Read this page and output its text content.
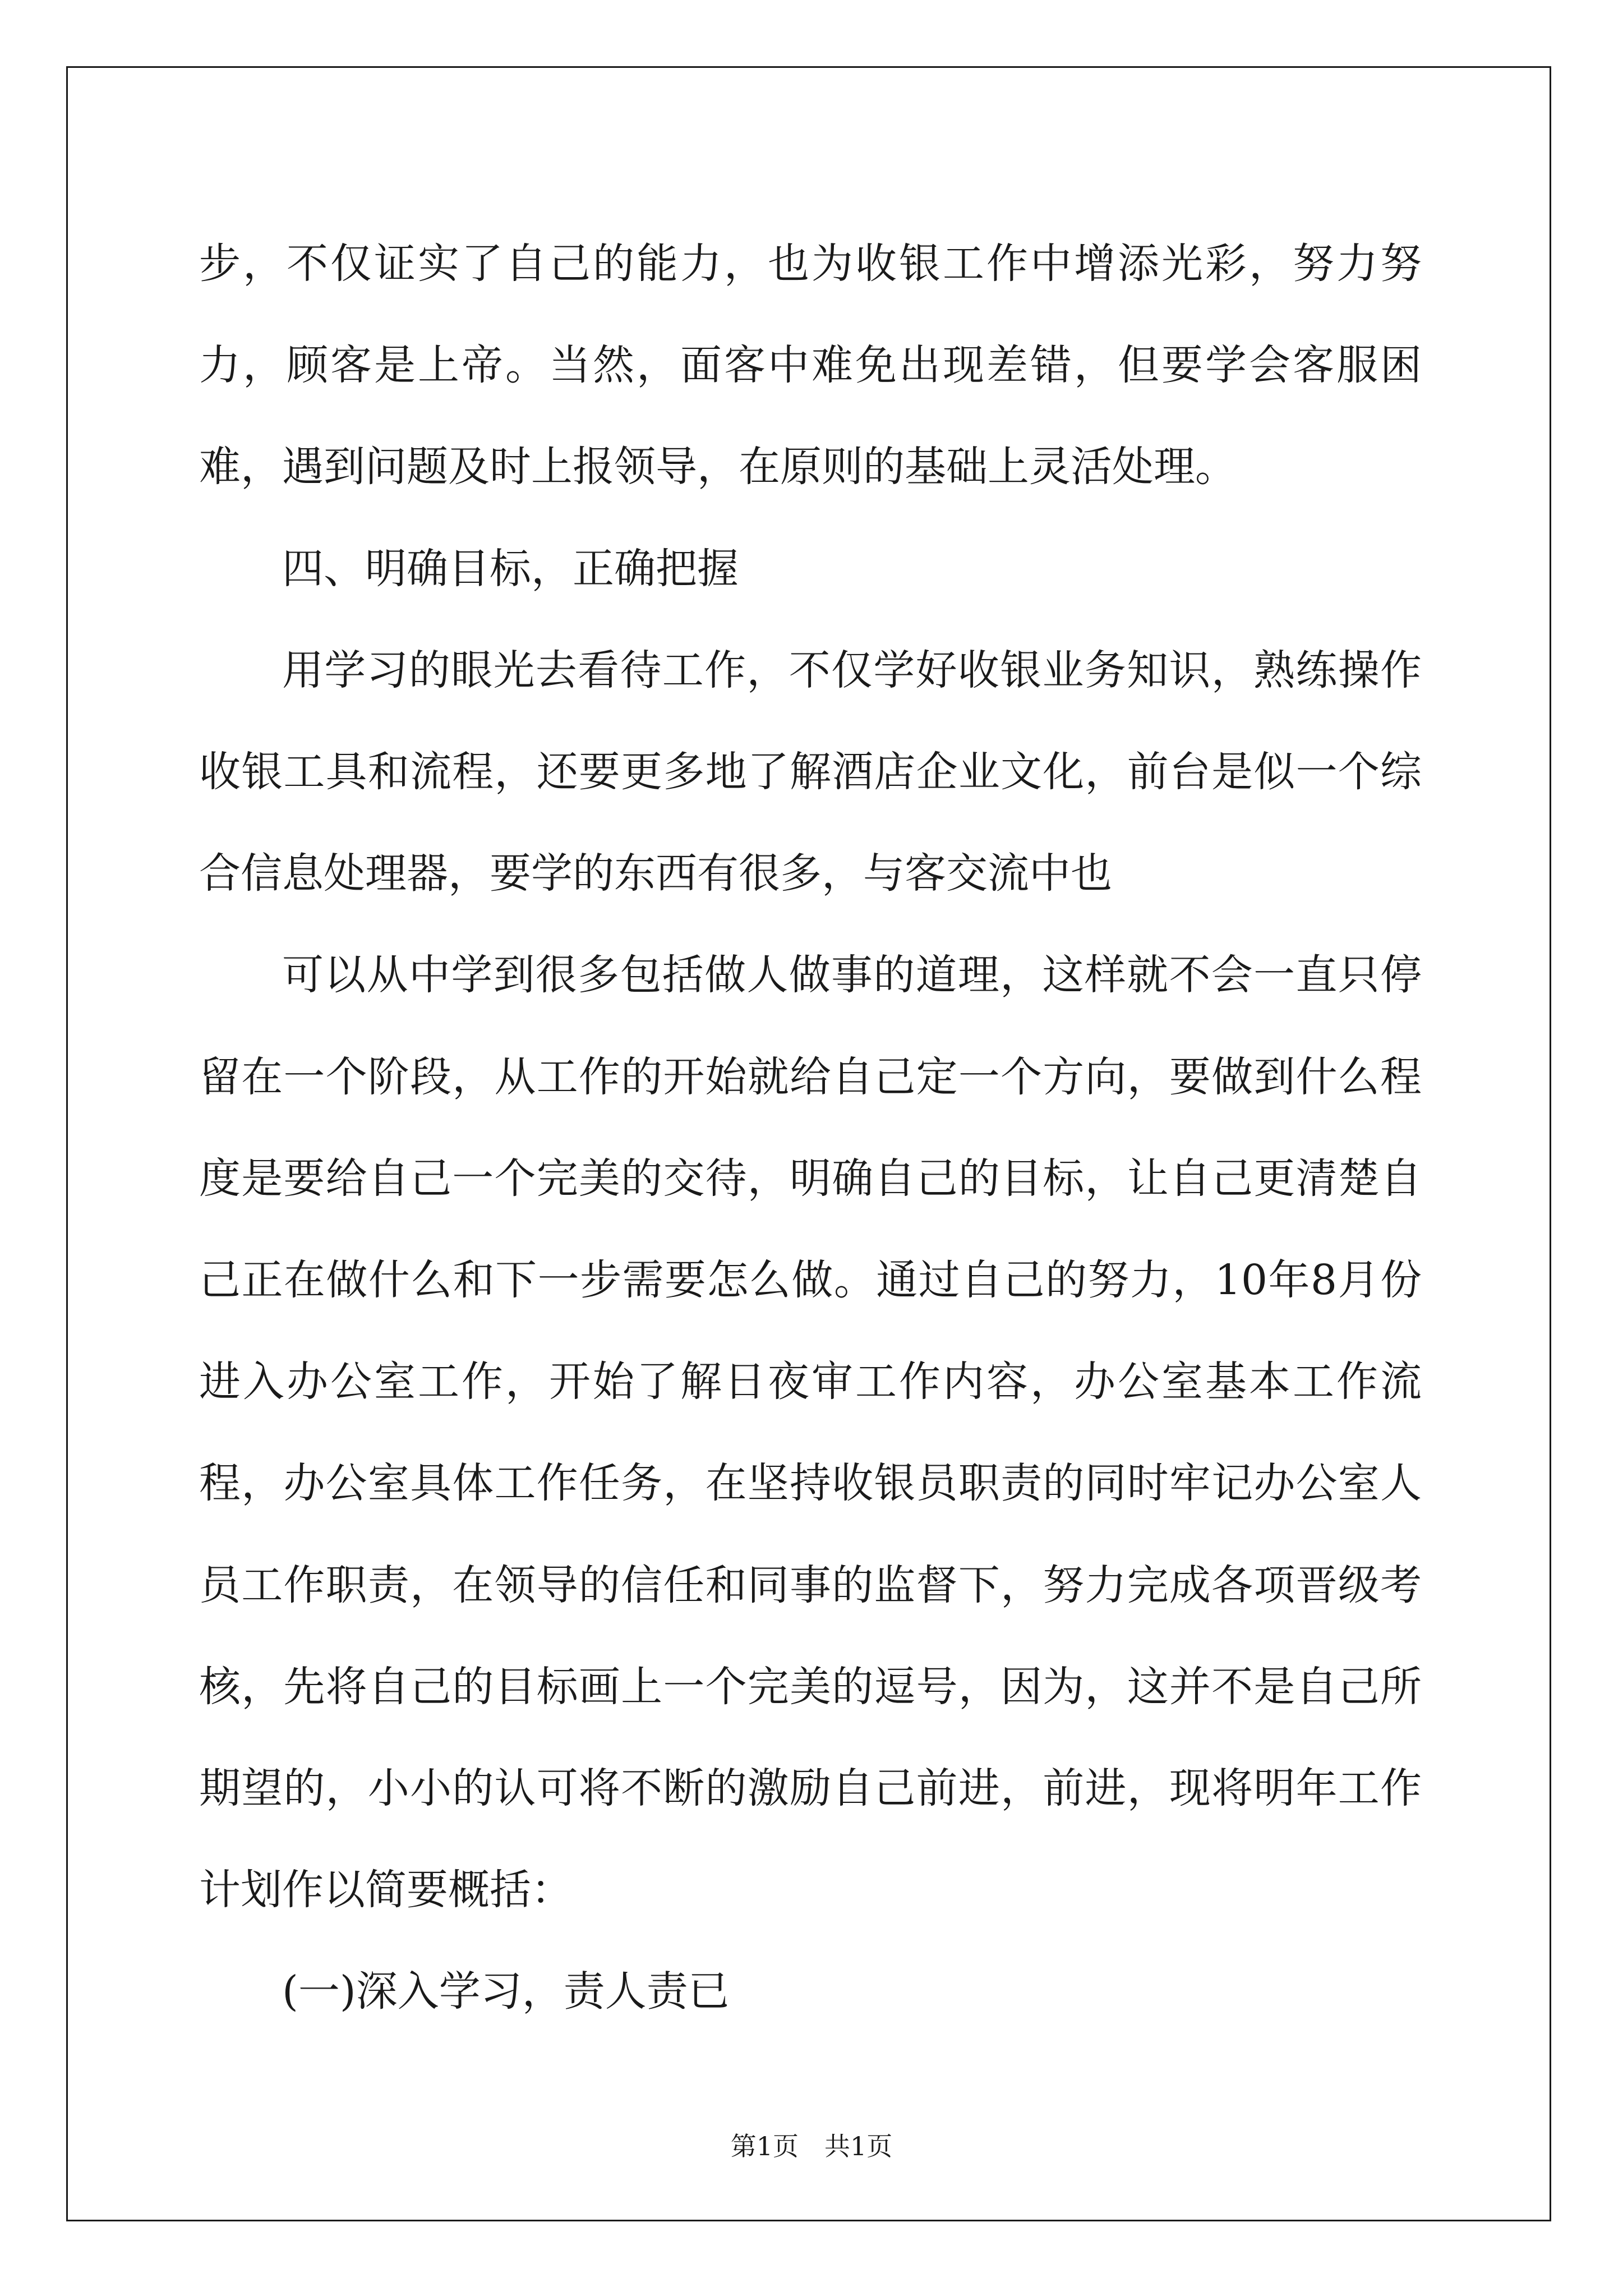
步，不仅证实了自己的能力，也为收银工作中增添光彩，努力努力，顾客是上帝。当然，面客中难免出现差错，但要学会客服困难，遇到问题及时上报领导，在原则的基础上灵活处理。

四、明确目标，正确把握

用学习的眼光去看待工作，不仅学好收银业务知识，熟练操作收银工具和流程，还要更多地了解酒店企业文化，前台是似一个综合信息处理器，要学的东西有很多，与客交流中也

可以从中学到很多包括做人做事的道理，这样就不会一直只停留在一个阶段，从工作的开始就给自己定一个方向，要做到什么程度是要给自己一个完美的交待，明确自己的目标，让自己更清楚自己正在做什么和下一步需要怎么做。通过自己的努力，10年8月份进入办公室工作，开始了解日夜审工作内容，办公室基本工作流程，办公室具体工作任务，在坚持收银员职责的同时牢记办公室人员工作职责，在领导的信任和同事的监督下，努力完成各项晋级考核，先将自己的目标画上一个完美的逗号，因为，这并不是自己所期望的，小小的认可将不断的激励自己前进，前进，现将明年工作计划作以简要概括：

(一)深入学习，责人责已

第1页　共1页
